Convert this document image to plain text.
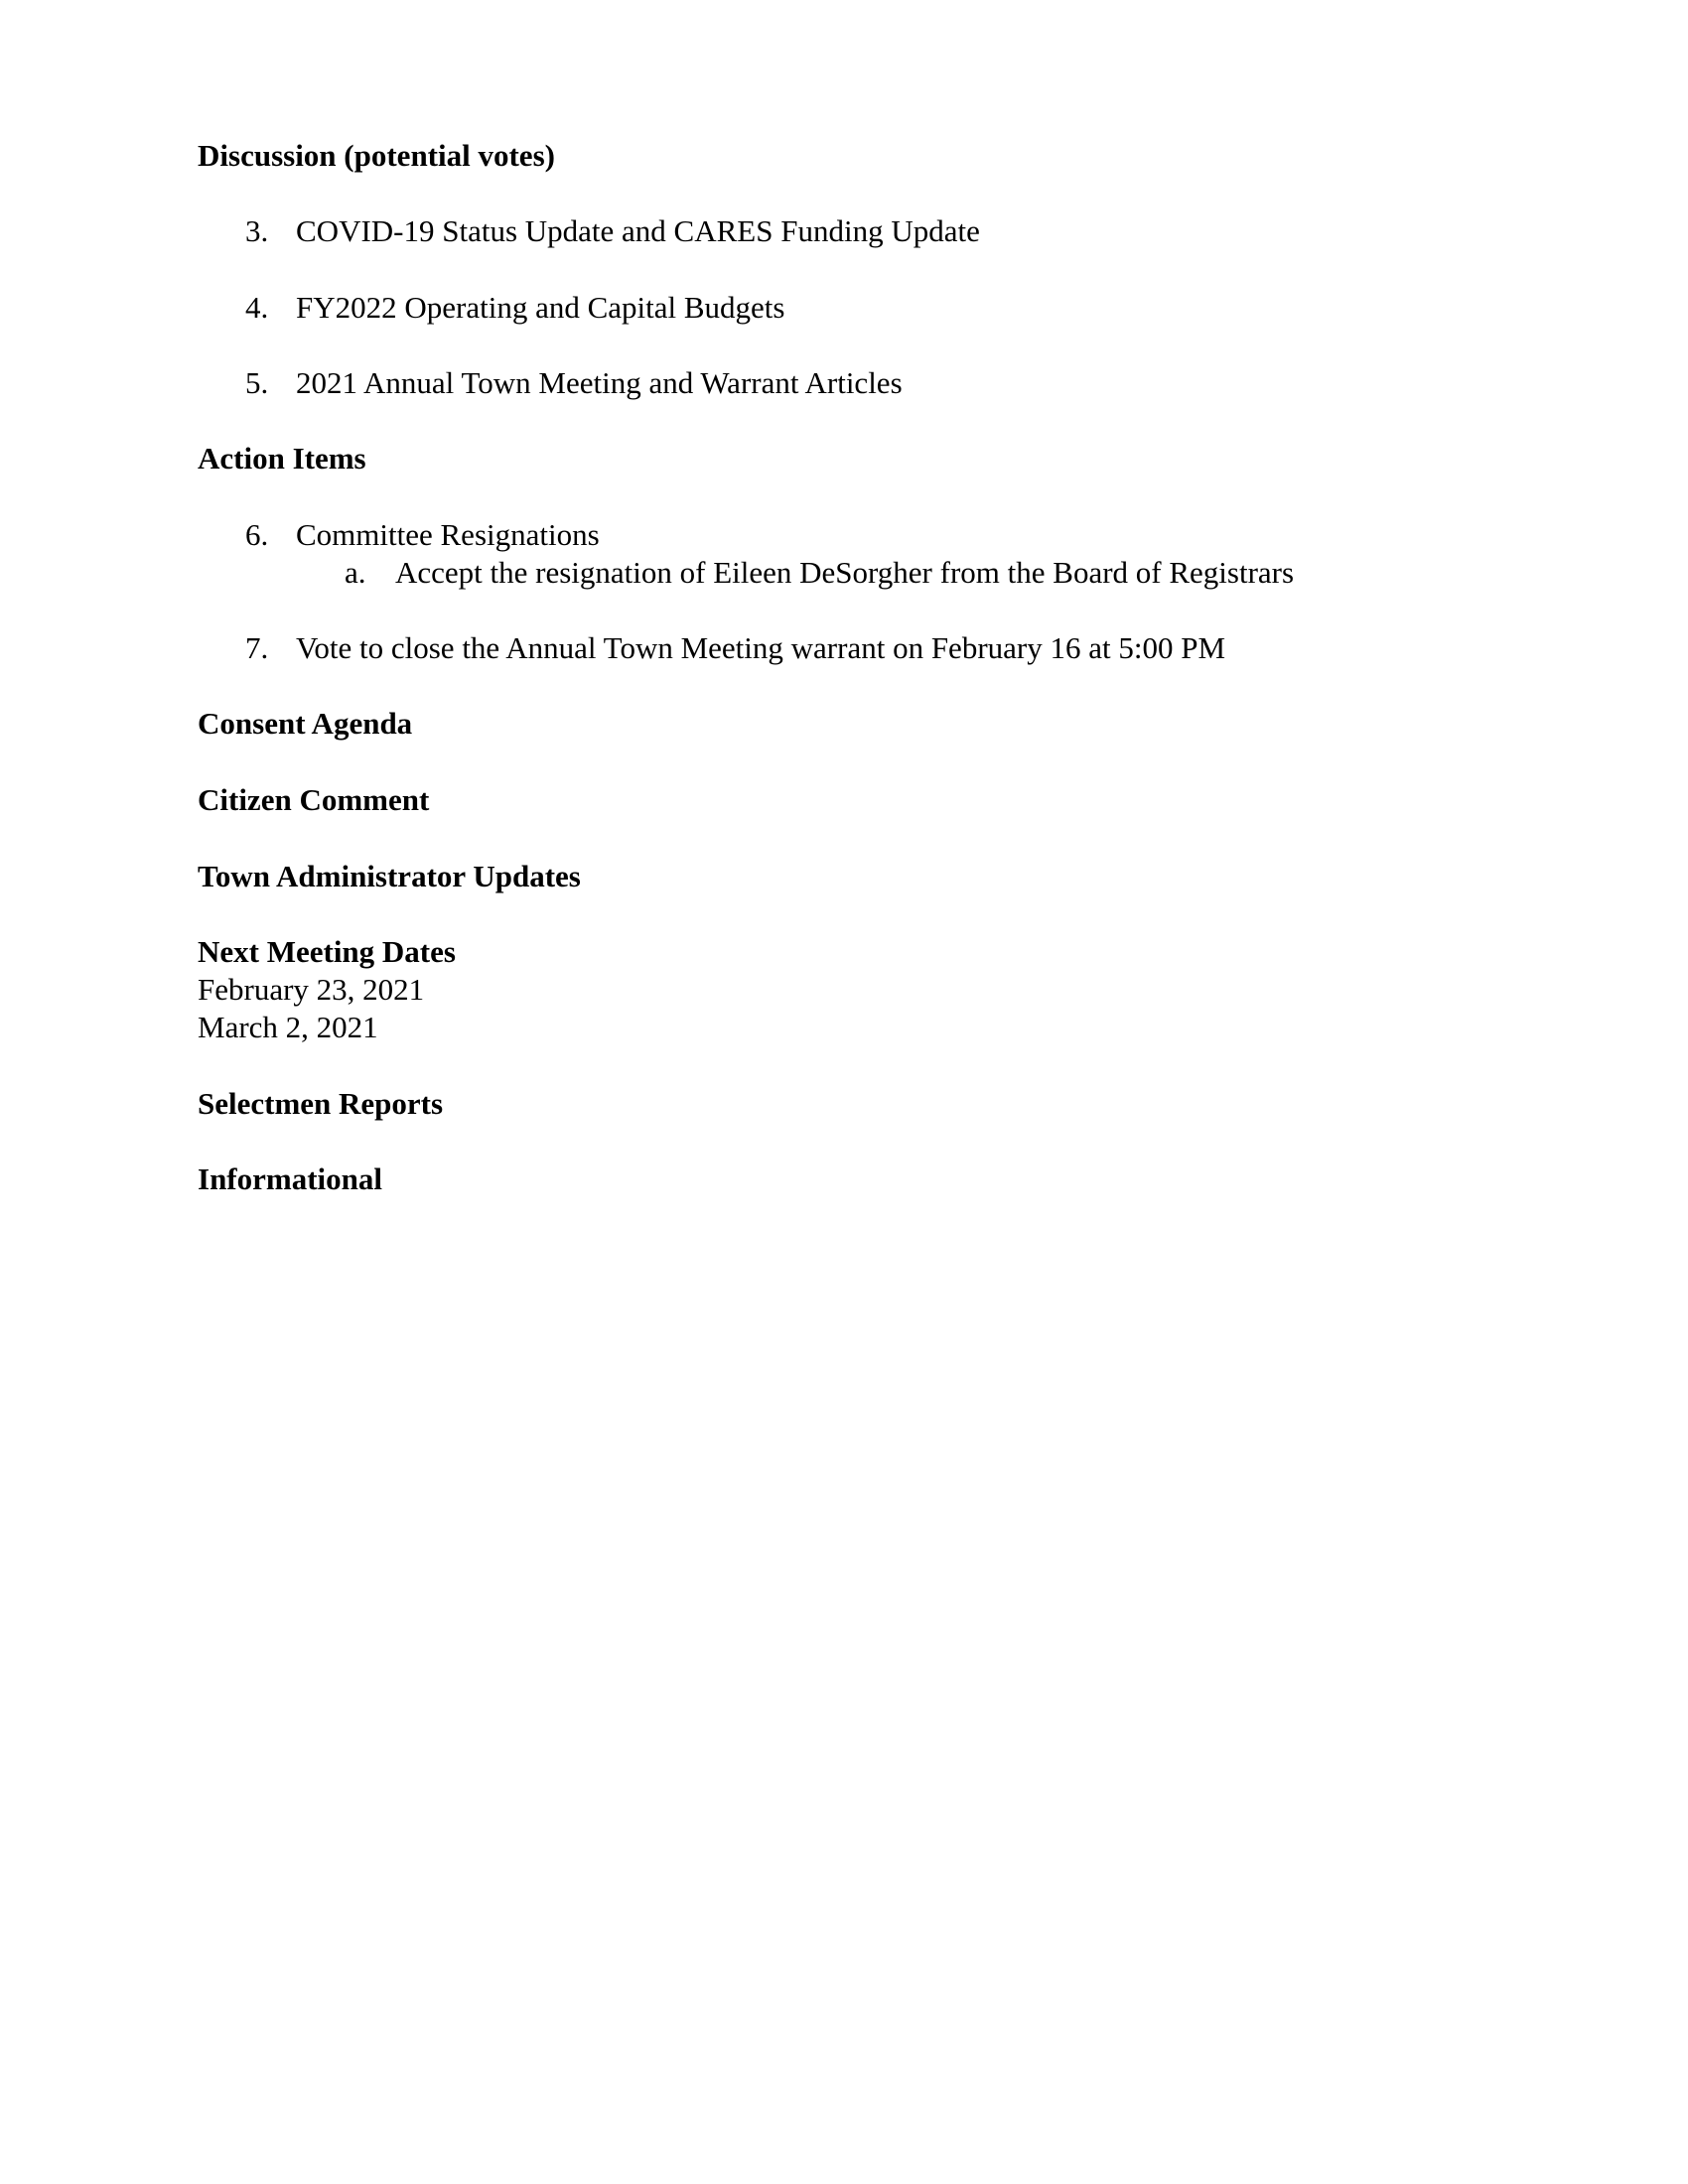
Discussion (potential votes)
3. COVID-19 Status Update and CARES Funding Update
4. FY2022 Operating and Capital Budgets
5. 2021 Annual Town Meeting and Warrant Articles
Action Items
6. Committee Resignations
a. Accept the resignation of Eileen DeSorgher from the Board of Registrars
7. Vote to close the Annual Town Meeting warrant on February 16 at 5:00 PM
Consent Agenda
Citizen Comment
Town Administrator Updates
Next Meeting Dates
February 23, 2021
March 2, 2021
Selectmen Reports
Informational
